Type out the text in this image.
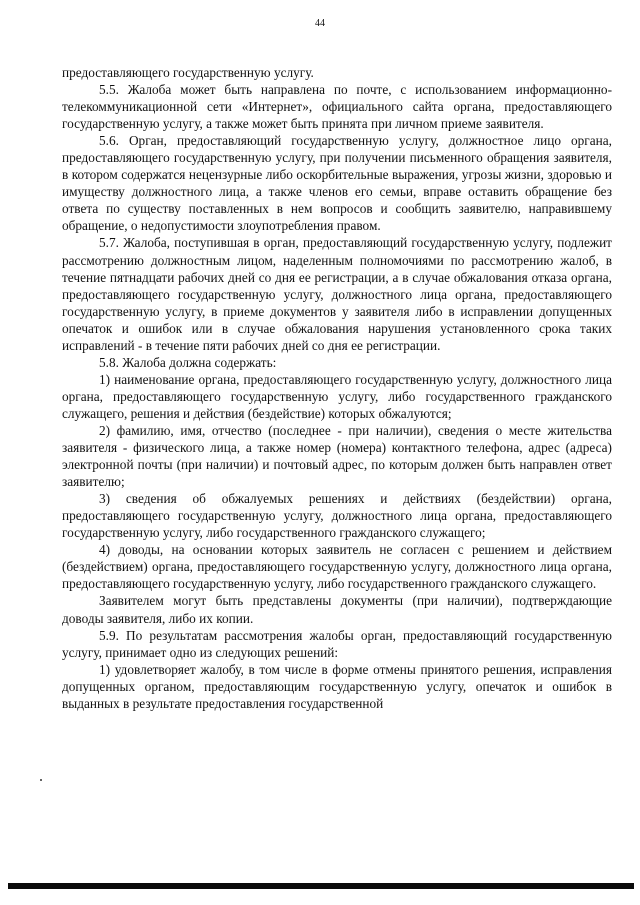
44

предоставляющего государственную услугу.

5.5. Жалоба может быть направлена по почте, с использованием информационно-телекоммуникационной сети «Интернет», официального сайта органа, предоставляющего государственную услугу, а также может быть принята при личном приеме заявителя.

5.6. Орган, предоставляющий государственную услугу, должностное лицо органа, предоставляющего государственную услугу, при получении письменного обращения заявителя, в котором содержатся нецензурные либо оскорбительные выражения, угрозы жизни, здоровью и имуществу должностного лица, а также членов его семьи, вправе оставить обращение без ответа по существу поставленных в нем вопросов и сообщить заявителю, направившему обращение, о недопустимости злоупотребления правом.

5.7. Жалоба, поступившая в орган, предоставляющий государственную услугу, подлежит рассмотрению должностным лицом, наделенным полномочиями по рассмотрению жалоб, в течение пятнадцати рабочих дней со дня ее регистрации, а в случае обжалования отказа органа, предоставляющего государственную услугу, должностного лица органа, предоставляющего государственную услугу, в приеме документов у заявителя либо в исправлении допущенных опечаток и ошибок или в случае обжалования нарушения установленного срока таких исправлений - в течение пяти рабочих дней со дня ее регистрации.

5.8. Жалоба должна содержать:

1) наименование органа, предоставляющего государственную услугу, должностного лица органа, предоставляющего государственную услугу, либо государственного гражданского служащего, решения и действия (бездействие) которых обжалуются;

2) фамилию, имя, отчество (последнее - при наличии), сведения о месте жительства заявителя - физического лица, а также номер (номера) контактного телефона, адрес (адреса) электронной почты (при наличии) и почтовый адрес, по которым должен быть направлен ответ заявителю;

3) сведения об обжалуемых решениях и действиях (бездействии) органа, предоставляющего государственную услугу, должностного лица органа, предоставляющего государственную услугу, либо государственного гражданского служащего;

4) доводы, на основании которых заявитель не согласен с решением и действием (бездействием) органа, предоставляющего государственную услугу, должностного лица органа, предоставляющего государственную услугу, либо государственного гражданского служащего.

Заявителем могут быть представлены документы (при наличии), подтверждающие доводы заявителя, либо их копии.

5.9. По результатам рассмотрения жалобы орган, предоставляющий государственную услугу, принимает одно из следующих решений:

1) удовлетворяет жалобу, в том числе в форме отмены принятого решения, исправления допущенных органом, предоставляющим государственную услугу, опечаток и ошибок в выданных в результате предоставления государственной
